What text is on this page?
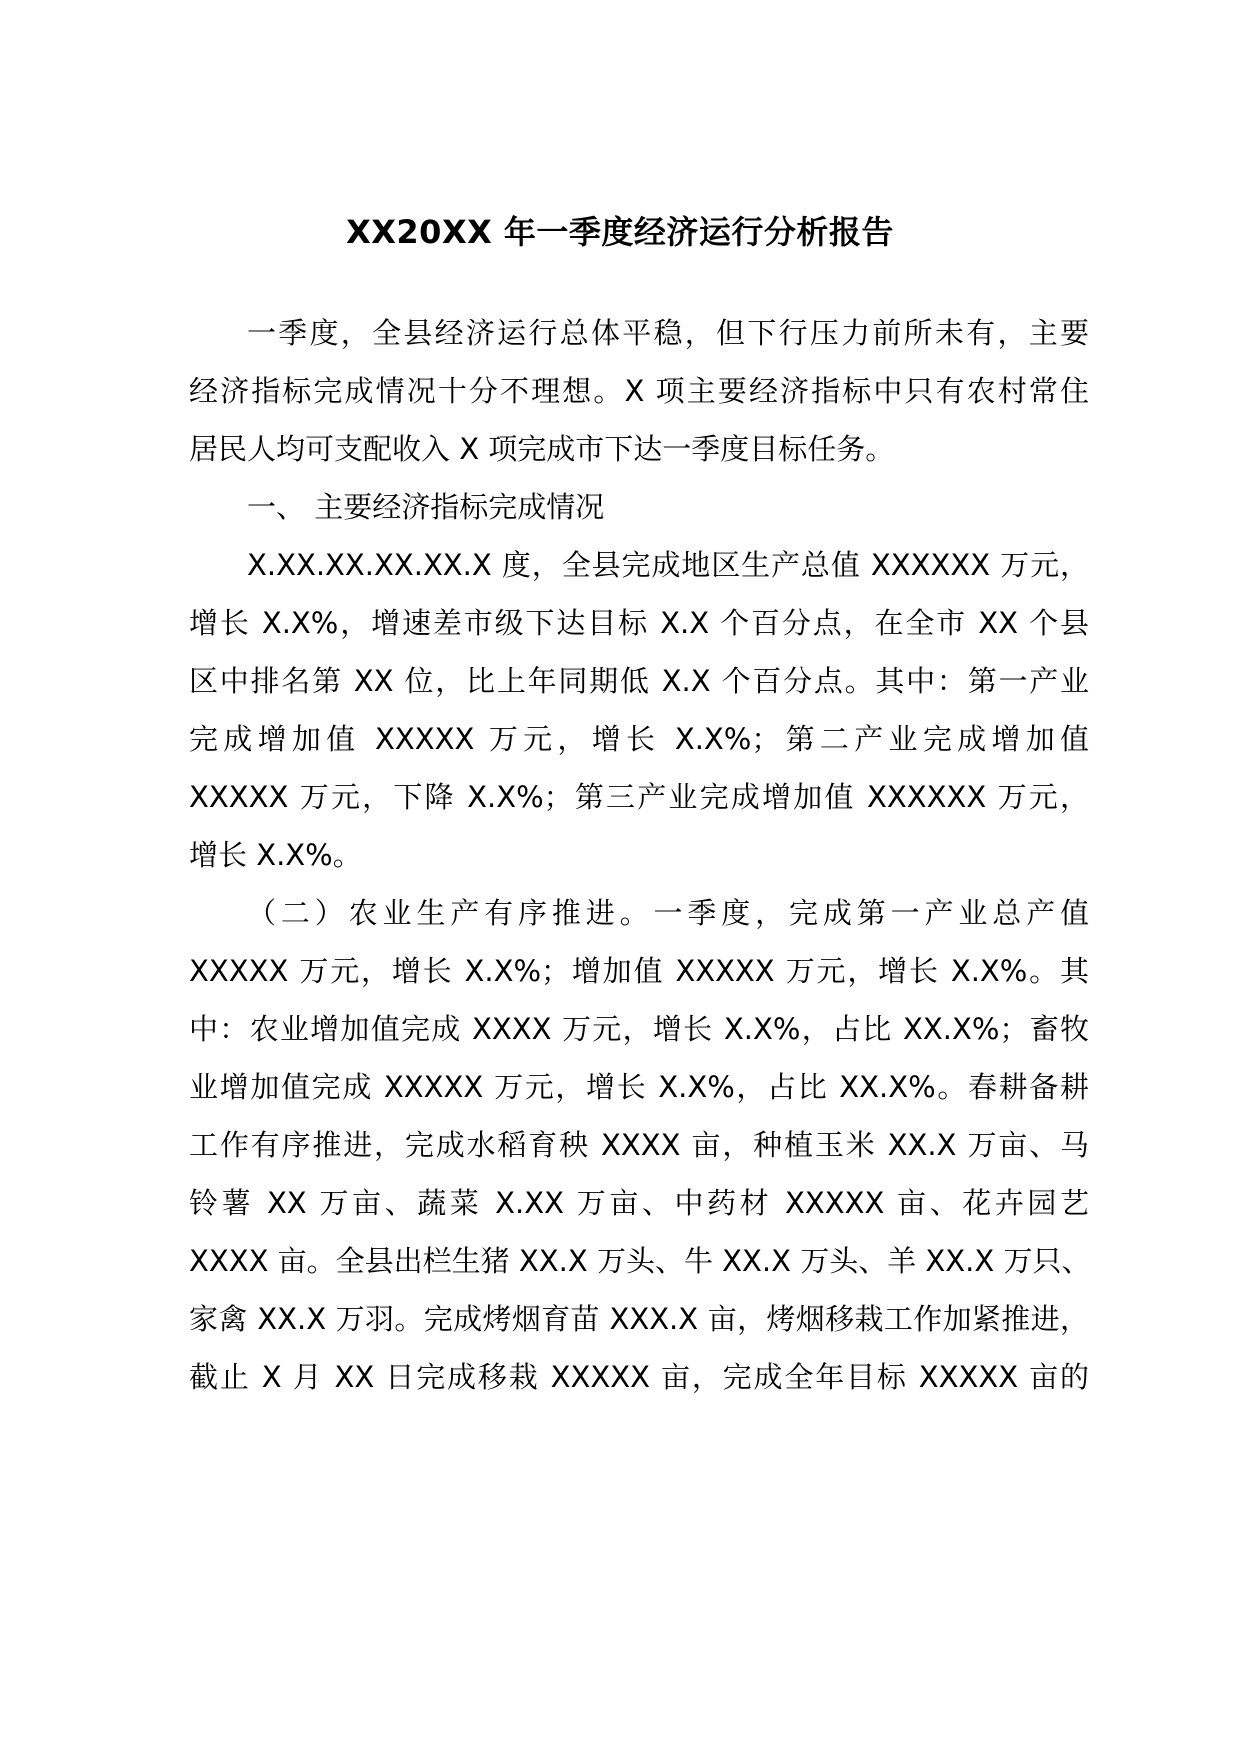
XX20XX 年一季度经济运行分析报告
一季度，全县经济运行总体平稳，但下行压力前所未有，主要
经济指标完成情况十分不理想。X 项主要经济指标中只有农村常住
居民人均可支配收入 X 项完成市下达一季度目标任务。
一、 主要经济指标完成情况
X.XX.XX.XX.XX.X 度，全县完成地区生产总值 XXXXXX 万元，
增长 X.X%，增速差市级下达目标 X.X 个百分点，在全市 XX 个县
区中排名第 XX 位，比上年同期低 X.X 个百分点。其中：第一产业
完成增加值 XXXXX 万元，增长 X.X%；第二产业完成增加值
XXXXX 万元，下降 X.X%；第三产业完成增加值 XXXXXX 万元，
增长 X.X%。
（二）农业生产有序推进。一季度，完成第一产业总产值
XXXXX 万元，增长 X.X%；增加值 XXXXX 万元，增长 X.X%。其
中：农业增加值完成 XXXX 万元，增长 X.X%，占比 XX.X%；畜牧
业增加值完成 XXXXX 万元，增长 X.X%，占比 XX.X%。春耕备耕
工作有序推进，完成水稻育秧 XXXX 亩，种植玉米 XX.X 万亩、马
铃薯 XX 万亩、蔬菜 X.XX 万亩、中药材 XXXXX 亩、花卉园艺
XXXX 亩。全县出栏生猪 XX.X 万头、牛 XX.X 万头、羊 XX.X 万只、
家禽 XX.X 万羽。完成烤烟育苗 XXX.X 亩，烤烟移栽工作加紧推进，
截止 X 月 XX 日完成移栽 XXXXX 亩，完成全年目标 XXXXX 亩的
